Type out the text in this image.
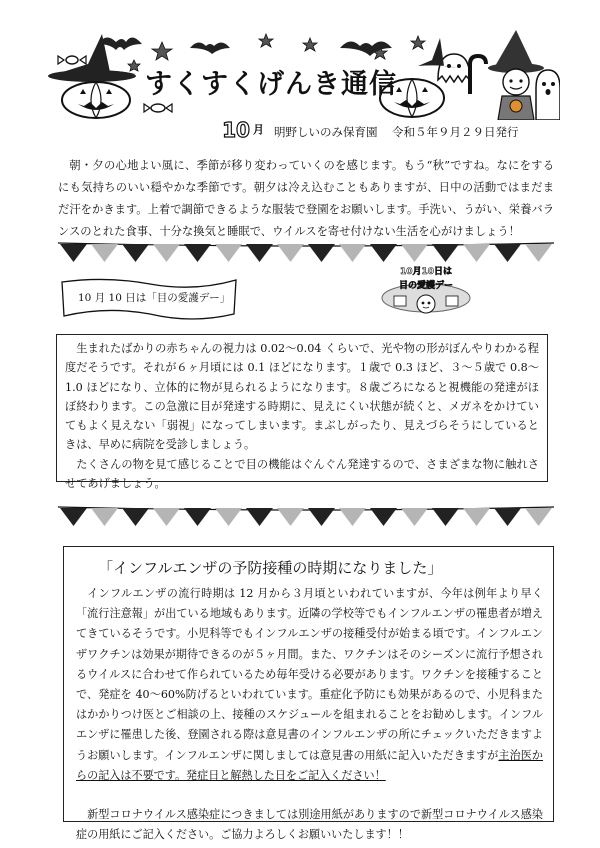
すくすくげんき通信
10 月 明野しいのみ保育園 令和５年９月２９日発行

朝・夕の心地よい風に、季節が移り変わっていくのを感じます。もう“秋”ですね。なにをするにも気持ちのいい穏やかな季節です。朝夕は冷え込むこともありますが、日中の活動ではまだまだ汗をかきます。上着で調節できるような服装で登園をお願いします。手洗い、うがい、栄養バランスのとれた食事、十分な換気と睡眠で、ウイルスを寄せ付けない生活を心がけましょう！

10 月 10 日は「目の愛護デー」
10月10日は
目の愛護デー

生まれたばかりの赤ちゃんの視力は 0.02〜0.04 くらいで、光や物の形がぼんやりわかる程度だそうです。それが６ヶ月頃には 0.1 ほどになります。１歳で 0.3 ほど、３〜５歳で 0.8〜1.0 ほどになり、立体的に物が見られるようになります。８歳ごろになると視機能の発達がほぼ終わります。この急激に目が発達する時期に、見えにくい状態が続くと、メガネをかけていてもよく見えない「弱視」になってしまいます。まぶしがったり、見えづらそうにしているときは、早めに病院を受診しましょう。

たくさんの物を見て感じることで目の機能はぐんぐん発達するので、さまざまな物に触れさせてあげましょう。

「インフルエンザの予防接種の時期になりました」

インフルエンザの流行時期は 12 月から３月頃といわれていますが、今年は例年より早く「流行注意報」が出ている地域もあります。近隣の学校等でもインフルエンザの罹患者が増えてきているそうです。小児科等でもインフルエンザの接種受付が始まる頃です。インフルエンザワクチンは効果が期待できるのが５ヶ月間。また、ワクチンはそのシーズンに流行予想されるウイルスに合わせて作られているため毎年受ける必要があります。ワクチンを接種することで、発症を 40〜60%防げるといわれています。重症化予防にも効果があるので、小児科またはかかりつけ医とご相談の上、接種のスケジュールを組まれることをお勧めします。インフルエンザに罹患した後、登園される際は意見書のインフルエンザの所にチェックいただきますようお願いします。インフルエンザに関しましては意見書の用紙に記入いただきますが主治医からの記入は不要です。発症日と解熱した日をご記入ください！

新型コロナウイルス感染症につきましては別途用紙がありますので新型コロナウイルス感染症の用紙にご記入ください。ご協力よろしくお願いいたします！！
